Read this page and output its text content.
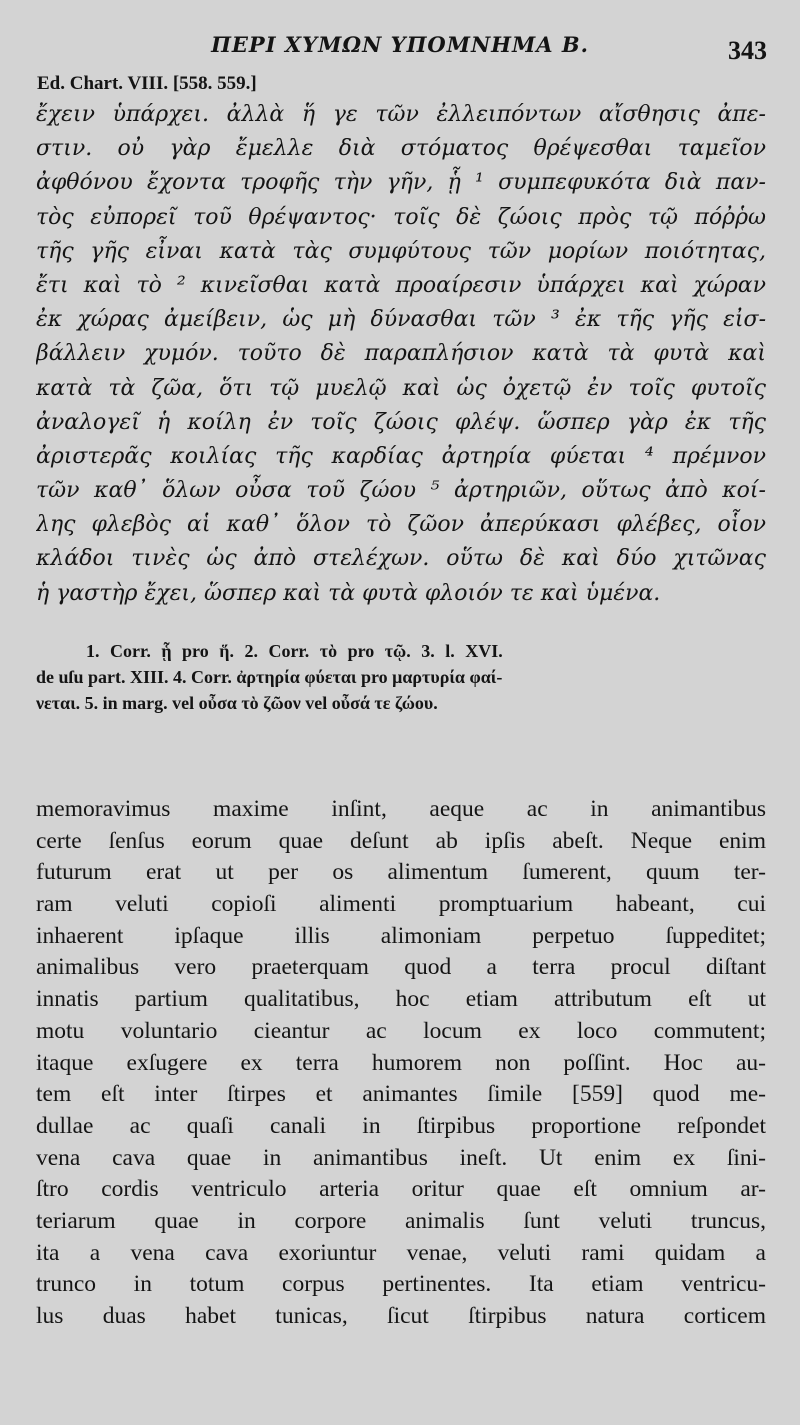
ΠΕΡΙ ΧΥΜΩΝ ΥΠΟΜΝΗΜΑ Β.	343
Ed. Chart. VIII. [558. 559.]
ἔχειν ὑπάρχει. ἀλλὰ ἥ γε τῶν ἐλλειπόντων αἴσθησις ἀπε-
στιν. οὐ γὰρ ἔμελλε διὰ στόματος θρέψεσθαι ταμεῖον
ἀφθόνου ἔχοντα τροφῆς τὴν γῆν, ᾗ ¹ συμπεφυκότα διὰ παν-
τὸς εὐπορεῖ τοῦ θρέψαντος· τοῖς δὲ ζώοις πρὸς τῷ πόῤῥω
τῆς γῆς εἶναι κατὰ τὰς συμφύτους τῶν μορίων ποιότητας,
ἔτι καὶ τὸ ² κινεῖσθαι κατὰ προαίρεσιν ὑπάρχει καὶ χώραν
ἐκ χώρας ἀμείβειν, ὡς μὴ δύνασθαι τῶν ³ ἐκ τῆς γῆς εἰσ-
βάλλειν χυμόν. τοῦτο δὲ παραπλήσιον κατὰ τὰ φυτὰ καὶ
κατὰ τὰ ζῶα, ὅτι τῷ μυελῷ καὶ ὡς ὀχετῷ ἐν τοῖς φυτοῖς
ἀναλογεῖ ἡ κοίλη ἐν τοῖς ζώοις φλέψ. ὥσπερ γὰρ ἐκ τῆς
ἀριστερᾶς κοιλίας τῆς καρδίας ἀρτηρία φύεται ⁴ πρέμνον
τῶν καθ᾽ ὅλων οὖσα τοῦ ζώου ⁵ ἀρτηριῶν, οὕτως ἀπὸ κοί-
λης φλεβὸς αἱ καθ᾽ ὅλον τὸ ζῶον ἀπερύκασι φλέβες, οἷον
κλάδοι τινὲς ὡς ἀπὸ στελέχων. οὕτω δὲ καὶ δύο χιτῶνας
ἡ γαστὴρ ἔχει, ὥσπερ καὶ τὰ φυτὰ φλοιόν τε καὶ ὑμένα.
1. Corr. ᾗ pro ἥ. 2. Corr. τὸ pro τῷ. 3. l. XVI.
de uſu part. XIII. 4. Corr. ἀρτηρία φύεται pro μαρτυρία φαί-
νεται. 5. in marg. vel οὖσα τὸ ζῶον vel οὖσά τε ζώου.
memoravimus maxime inſint, aeque ac in animantibus
certe ſenſus eorum quae deſunt ab ipſis abeſt. Neque enim
futurum erat ut per os alimentum ſumerent, quum ter-
ram veluti copioſi alimenti promptuarium habeant, cui
inhaerent ipſaque illis alimoniam perpetuo ſuppeditet;
animalibus vero praeterquam quod a terra procul diſtant
innatis partium qualitatibus, hoc etiam attributum eſt ut
motu voluntario cieantur ac locum ex loco commutent;
itaque exſugere ex terra humorem non poſſint. Hoc au-
tem eſt inter ſtirpes et animantes ſimile [559] quod me-
dullae ac quaſi canali in ſtirpibus proportione reſpondet
vena cava quae in animantibus ineſt. Ut enim ex ſini-
ſtro cordis ventriculo arteria oritur quae eſt omnium ar-
teriarum quae in corpore animalis ſunt veluti truncus,
ita a vena cava exoriuntur venae, veluti rami quidam a
trunco in totum corpus pertinentes. Ita etiam ventricu-
lus duas habet tunicas, ſicut ſtirpibus natura corticem
